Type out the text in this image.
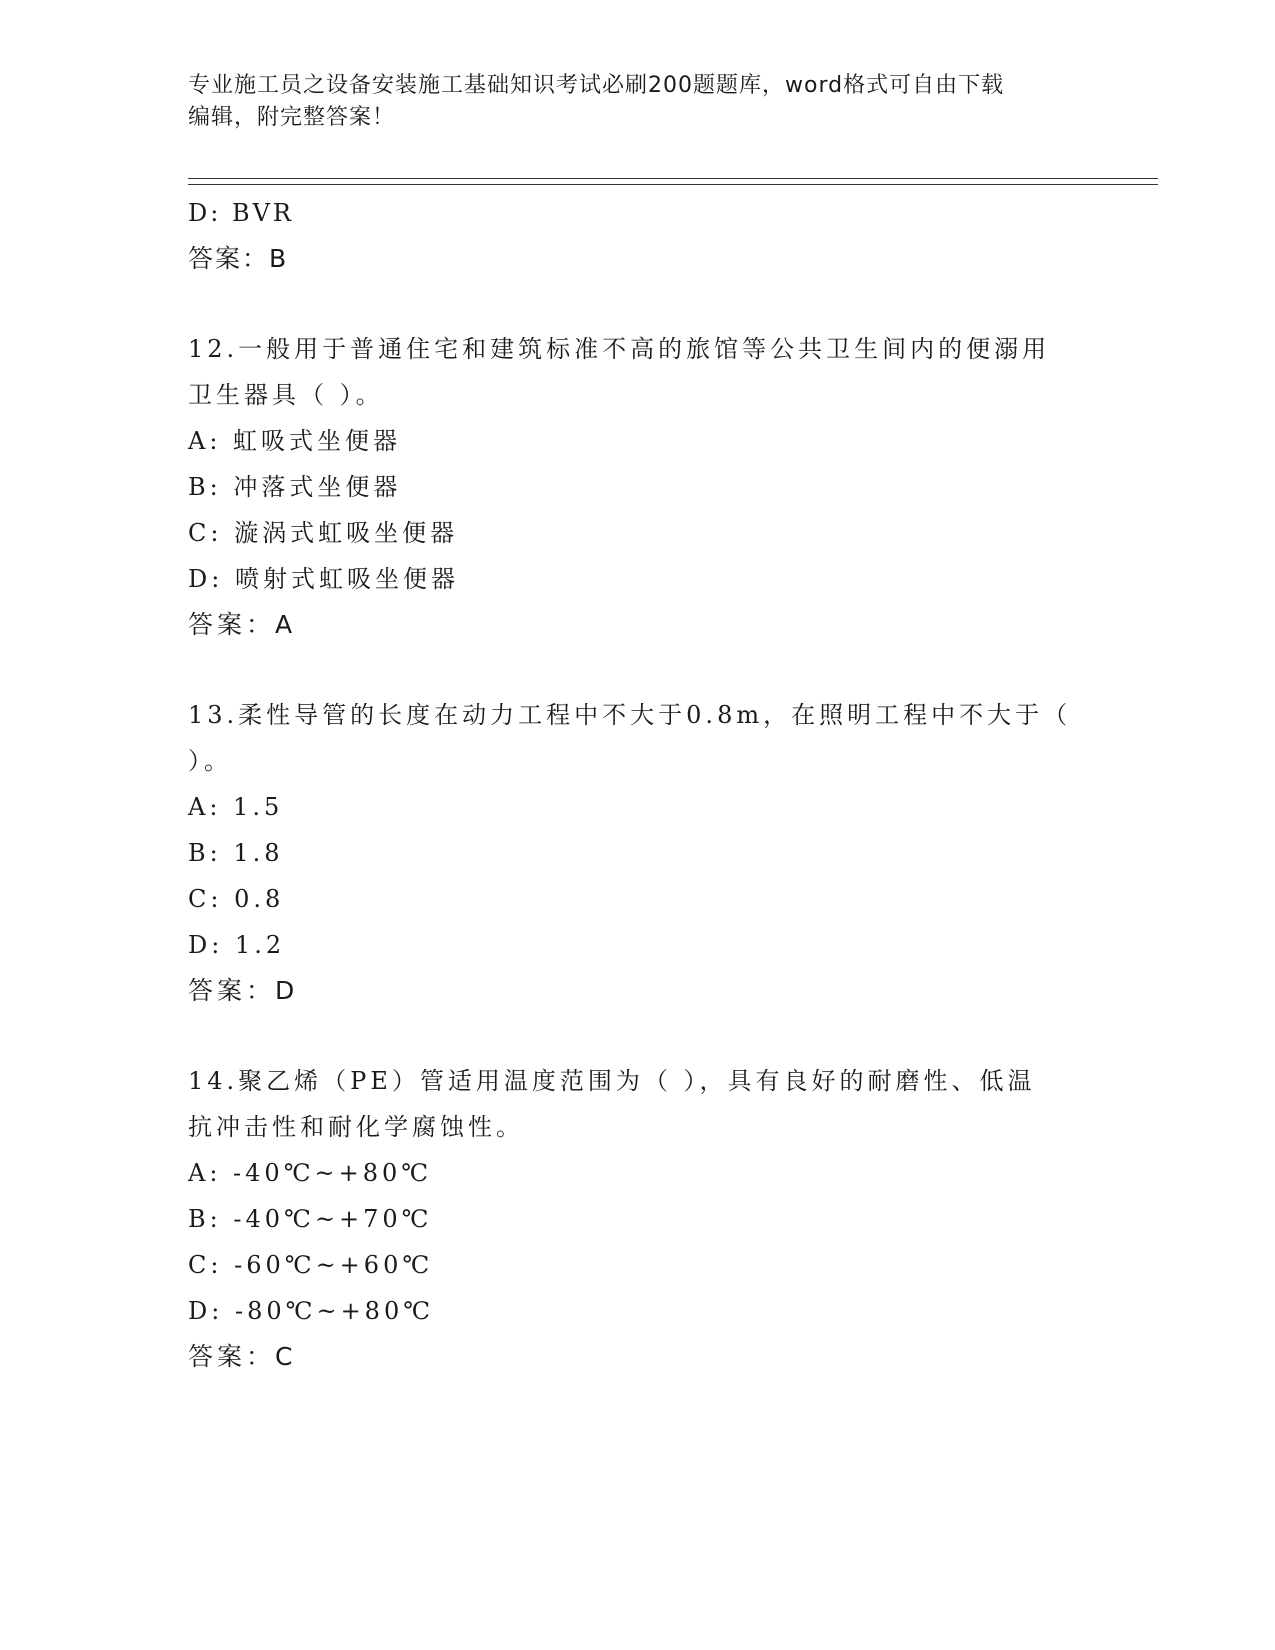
专业施工员之设备安装施工基础知识考试必刷200题题库，word格式可自由下载
编辑，附完整答案！
D: BVR
答案：B
12.一般用于普通住宅和建筑标准不高的旅馆等公共卫生间内的便溺用
卫生器具（ ）。
A: 虹吸式坐便器
B: 冲落式坐便器
C: 漩涡式虹吸坐便器
D: 喷射式虹吸坐便器
答案：A
13.柔性导管的长度在动力工程中不大于0.8m，在照明工程中不大于（
）。
A: 1.5
B: 1.8
C: 0.8
D: 1.2
答案：D
14.聚乙烯（PE）管适用温度范围为（ ），具有良好的耐磨性、低温
抗冲击性和耐化学腐蚀性。
A: -40℃~+80℃
B: -40℃~+70℃
C: -60℃~+60℃
D: -80℃~+80℃
答案：C
